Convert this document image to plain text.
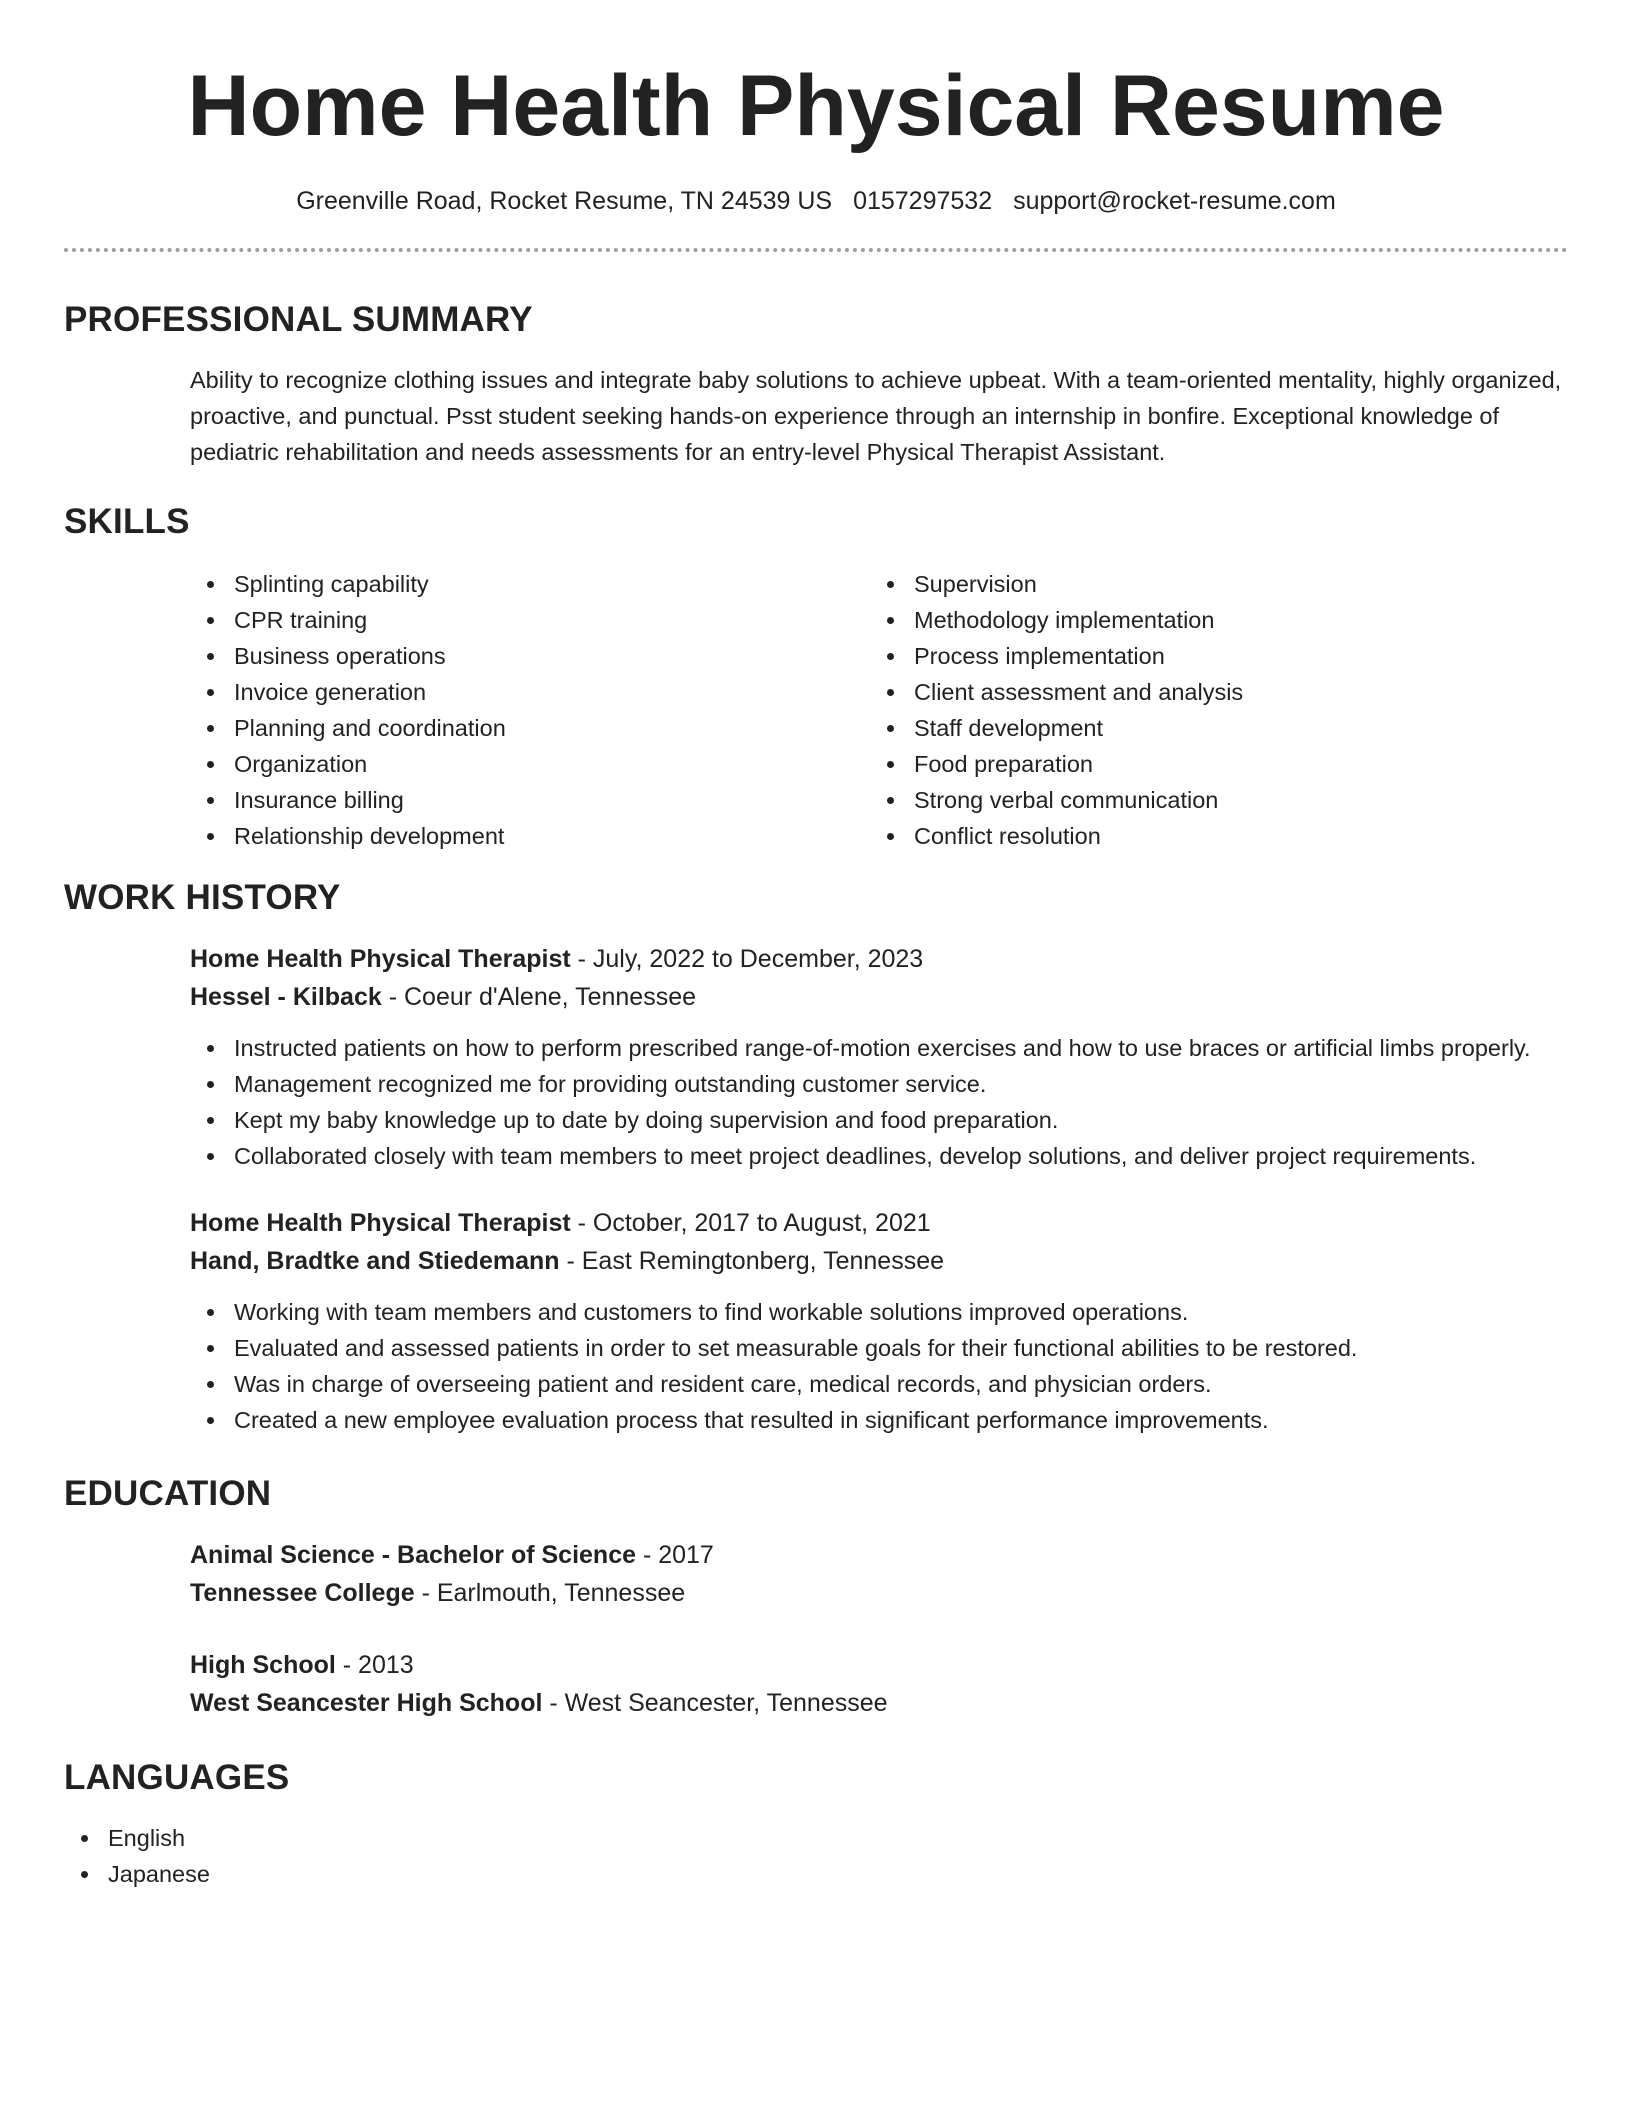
Home Health Physical Resume
Greenville Road, Rocket Resume, TN 24539 US 0157297532 support@rocket-resume.com
PROFESSIONAL SUMMARY

Ability to recognize clothing issues and integrate baby solutions to achieve upbeat. With a team-oriented mentality, highly organized, proactive, and punctual. Psst student seeking hands-on experience through an internship in bonfire. Exceptional knowledge of pediatric rehabilitation and needs assessments for an entry-level Physical Therapist Assistant.

SKILLS
Splinting capability
CPR training
Business operations
Invoice generation
Planning and coordination
Organization
Insurance billing
Relationship development
Supervision
Methodology implementation
Process implementation
Client assessment and analysis
Staff development
Food preparation
Strong verbal communication
Conflict resolution
WORK HISTORY
Home Health Physical Therapist - July, 2022 to December, 2023
Hessel - Kilback - Coeur d'Alene, Tennessee
Instructed patients on how to perform prescribed range-of-motion exercises and how to use braces or artificial limbs properly.
Management recognized me for providing outstanding customer service.
Kept my baby knowledge up to date by doing supervision and food preparation.
Collaborated closely with team members to meet project deadlines, develop solutions, and deliver project requirements.
Home Health Physical Therapist - October, 2017 to August, 2021
Hand, Bradtke and Stiedemann - East Remingtonberg, Tennessee
Working with team members and customers to find workable solutions improved operations.
Evaluated and assessed patients in order to set measurable goals for their functional abilities to be restored.
Was in charge of overseeing patient and resident care, medical records, and physician orders.
Created a new employee evaluation process that resulted in significant performance improvements.
EDUCATION
Animal Science - Bachelor of Science - 2017
Tennessee College - Earlmouth, Tennessee
High School - 2013
West Seancester High School - West Seancester, Tennessee
LANGUAGES
English
Japanese
